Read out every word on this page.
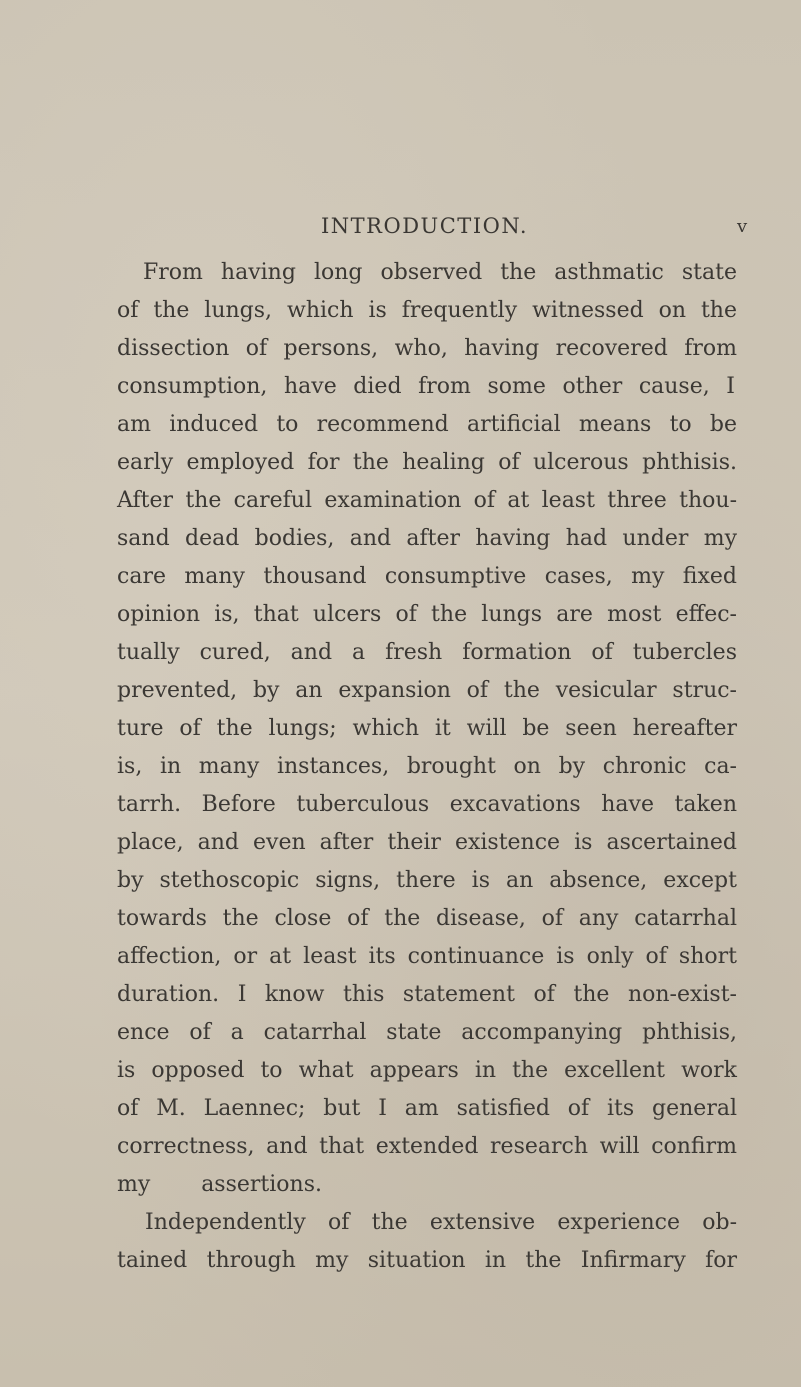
INTRODUCTION.	v
From having long observed the asthmatic state
of the lungs, which is frequently witnessed on the
dissection of persons, who, having recovered from
consumption, have died from some other cause, I
am induced to recommend artificial means to be
early employed for the healing of ulcerous phthisis.
After the careful examination of at least three thou-
sand dead bodies, and after having had under my
care many thousand consumptive cases, my fixed
opinion is, that ulcers of the lungs are most effec-
tually cured, and a fresh formation of tubercles
prevented, by an expansion of the vesicular struc-
ture of the lungs; which it will be seen hereafter
is, in many instances, brought on by chronic ca-
tarrh. Before tuberculous excavations have taken
place, and even after their existence is ascertained
by stethoscopic signs, there is an absence, except
towards the close of the disease, of any catarrhal
affection, or at least its continuance is only of short
duration. I know this statement of the non-exist-
ence of a catarrhal state accompanying phthisis,
is opposed to what appears in the excellent work
of M. Laennec; but I am satisfied of its general
correctness, and that extended research will confirm
my assertions.
Independently of the extensive experience ob-
tained through my situation in the Infirmary for
